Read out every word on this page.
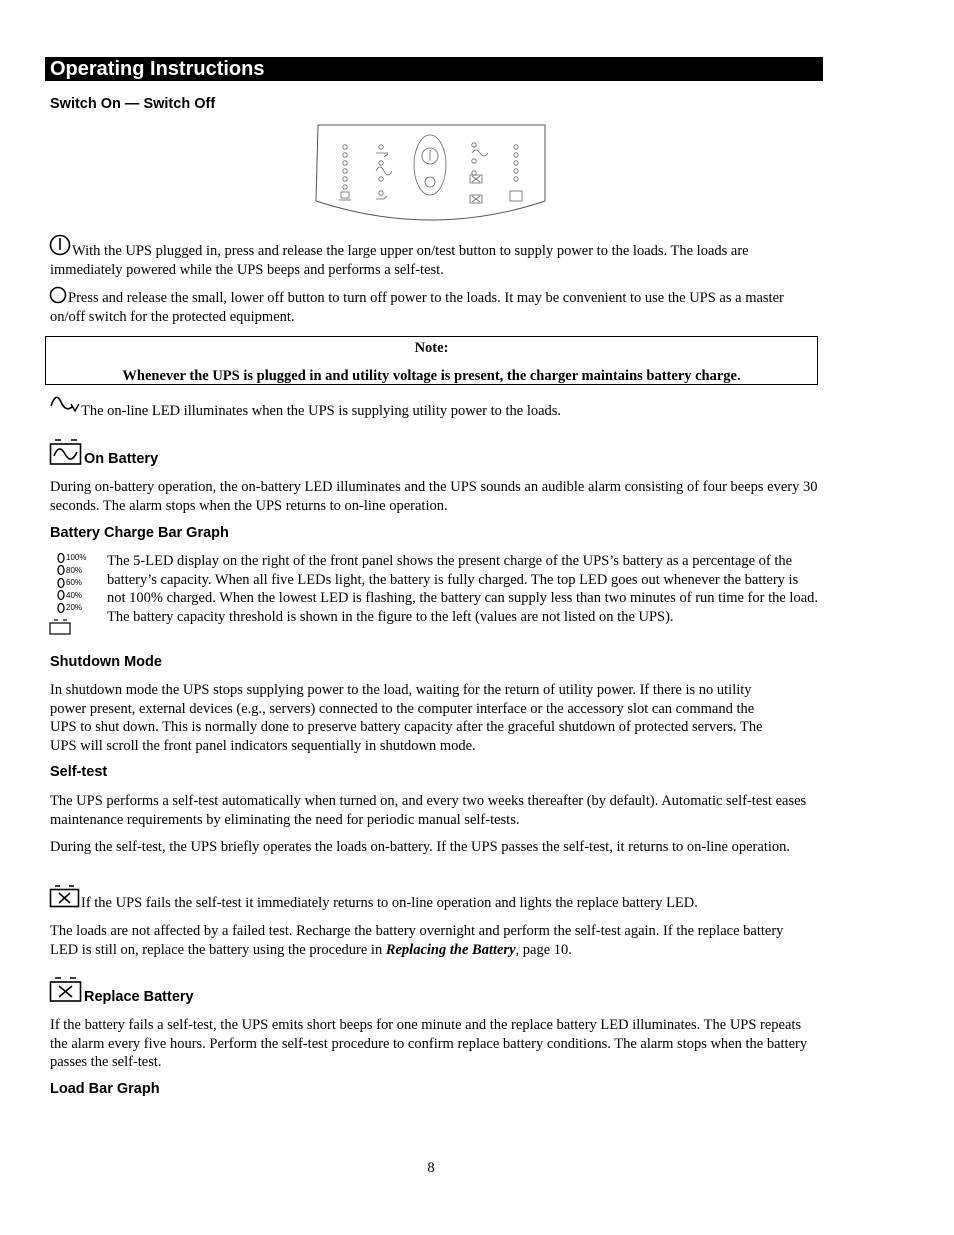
Operating Instructions
Switch On — Switch Off
With the UPS plugged in, press and release the large upper on/test button to supply power to the loads. The loads are immediately powered while the UPS beeps and performs a self-test.
Press and release the small, lower off button to turn off power to the loads. It may be convenient to use the UPS as a master on/off switch for the protected equipment.
Note:
Whenever the UPS is plugged in and utility voltage is present, the charger maintains battery charge.
The on-line LED illuminates when the UPS is supplying utility power to the loads.
On Battery
During on-battery operation, the on-battery LED illuminates and the UPS sounds an audible alarm consisting of four beeps every 30 seconds. The alarm stops when the UPS returns to on-line operation.
Battery Charge Bar Graph
100%
80%
60%
40%
20%
The 5-LED display on the right of the front panel shows the present charge of the UPS’s battery as a percentage of the battery’s capacity. When all five LEDs light, the battery is fully charged. The top LED goes out whenever the battery is not 100% charged. When the lowest LED is flashing, the battery can supply less than two minutes of run time for the load. The battery capacity threshold is shown in the figure to the left (values are not listed on the UPS).
Shutdown Mode
In shutdown mode the UPS stops supplying power to the load, waiting for the return of utility power. If there is no utility power present, external devices (e.g., servers) connected to the computer interface or the accessory slot can command the UPS to shut down. This is normally done to preserve battery capacity after the graceful shutdown of protected servers. The UPS will scroll the front panel indicators sequentially in shutdown mode.
Self-test
The UPS performs a self-test automatically when turned on, and every two weeks thereafter (by default). Automatic self-test eases maintenance requirements by eliminating the need for periodic manual self-tests.
During the self-test, the UPS briefly operates the loads on-battery. If the UPS passes the self-test, it returns to on-line operation.
If the UPS fails the self-test it immediately returns to on-line operation and lights the replace battery LED.
The loads are not affected by a failed test. Recharge the battery overnight and perform the self-test again. If the replace battery LED is still on, replace the battery using the procedure in Replacing the Battery, page 10.
Replace Battery
If the battery fails a self-test, the UPS emits short beeps for one minute and the replace battery LED illuminates. The UPS repeats the alarm every five hours. Perform the self-test procedure to confirm replace battery conditions. The alarm stops when the battery passes the self-test.
Load Bar Graph
8
